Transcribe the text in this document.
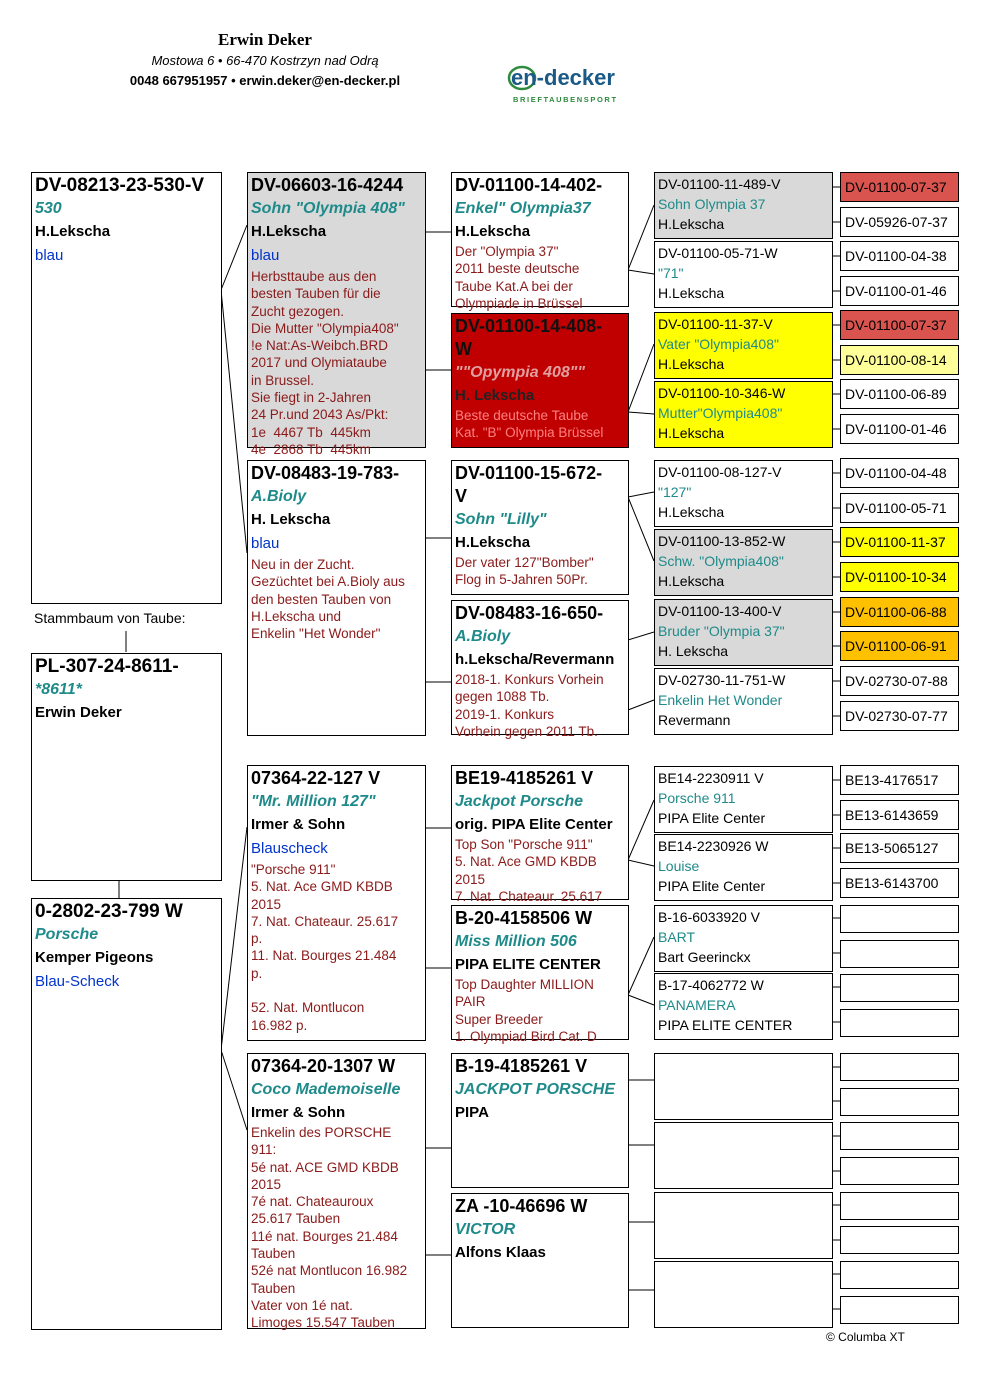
Erwin Deker
Mostowa 6 • 66-470 Kostrzyn nad Odrą
0048 667951957 • erwin.deker@en-decker.pl	en-decker
BRIEFTAUBENSPORT
DV-08213-23-530-V
530
H.Lekscha
blau
Stammbaum von Taube:
PL-307-24-8611-
*8611*
Erwin Deker
0-2802-23-799 W
Porsche
Kemper Pigeons
Blau-Scheck
DV-06603-16-4244
Sohn "Olympia 408"
H.Lekscha
blau
Herbsttaube aus den
besten Tauben für die
Zucht gezogen.
Die Mutter "Olympia408"
!e Nat:As-Weibch.BRD
2017 und Olymiataube
in Brussel.
Sie fiegt in 2-Jahren
24 Pr.und 2043 As/Pkt:
1e  4467 Tb  445km
4e  2868 Tb  445km
DV-08483-19-783-
A.Bioly
H. Lekscha
blau
Neu in der Zucht.
Gezüchtet bei A.Bioly aus
den besten Tauben von
H.Lekscha und
Enkelin "Het Wonder"
07364-22-127 V
"Mr. Million 127"
Irmer & Sohn
Blauscheck
"Porsche 911"
5. Nat. Ace GMD KBDB
2015
7. Nat. Chateaur. 25.617
p.
11. Nat. Bourges 21.484
p.

52. Nat. Montlucon
16.982 p.
07364-20-1307 W
Coco Mademoiselle
Irmer & Sohn
Enkelin des PORSCHE
911:
5é nat. ACE GMD KBDB
2015
7é nat. Chateauroux
25.617 Tauben
11é nat. Bourges 21.484
Tauben
52é nat Montlucon 16.982
Tauben
Vater von 1é nat.
Limoges 15.547 Tauben
DV-01100-14-402-
Enkel" Olympia37
H.Lekscha
Der "Olympia 37"
2011 beste deutsche
Taube Kat.A bei der
Olympiade in Brüssel
DV-01100-14-408-
W
""Opympia 408""
H. Lekscha
Beste deutsche Taube
Kat. "B" Olympia Brüssel
DV-01100-15-672-
V
Sohn "Lilly"
H.Lekscha
Der vater 127"Bomber"
Flog in 5-Jahren 50Pr.
DV-08483-16-650-
A.Bioly
h.Lekscha/Revermann
2018-1. Konkurs Vorhein
gegen 1088 Tb.
2019-1. Konkurs
Vorhein gegen 2011 Tb.
BE19-4185261 V
Jackpot Porsche
orig. PIPA Elite Center
Top Son "Porsche 911"
5. Nat. Ace GMD KBDB
2015
7. Nat. Chateaur. 25.617
B-20-4158506 W
Miss Million 506
PIPA ELITE CENTER
Top Daughter MILLION
PAIR
Super Breeder
1. Olympiad Bird Cat. D
B-19-4185261 V
JACKPOT PORSCHE
PIPA
ZA -10-46696 W
VICTOR
Alfons Klaas
DV-01100-11-489-V
Sohn Olympia 37
H.Lekscha
DV-01100-05-71-W
"71"
H.Lekscha
DV-01100-11-37-V
Vater "Olympia408"
H.Lekscha
DV-01100-10-346-W
Mutter"Olympia408"
H.Lekscha
DV-01100-08-127-V
"127"
H.Lekscha
DV-01100-13-852-W
Schw. "Olympia408"
H.Lekscha
DV-01100-13-400-V
Bruder "Olympia 37"
H. Lekscha
DV-02730-11-751-W
Enkelin Het Wonder
Revermann
BE14-2230911 V
Porsche 911
PIPA Elite Center
BE14-2230926 W
Louise
PIPA Elite Center
B-16-6033920 V
BART
Bart Geerinckx
B-17-4062772 W
PANAMERA
PIPA ELITE CENTER
DV-01100-07-37
DV-05926-07-37
DV-01100-04-38
DV-01100-01-46
DV-01100-07-37
DV-01100-08-14
DV-01100-06-89
DV-01100-01-46
DV-01100-04-48
DV-01100-05-71
DV-01100-11-37
DV-01100-10-34
DV-01100-06-88
DV-01100-06-91
DV-02730-07-88
DV-02730-07-77
BE13-4176517
BE13-6143659
BE13-5065127
BE13-6143700
© Columba XT
